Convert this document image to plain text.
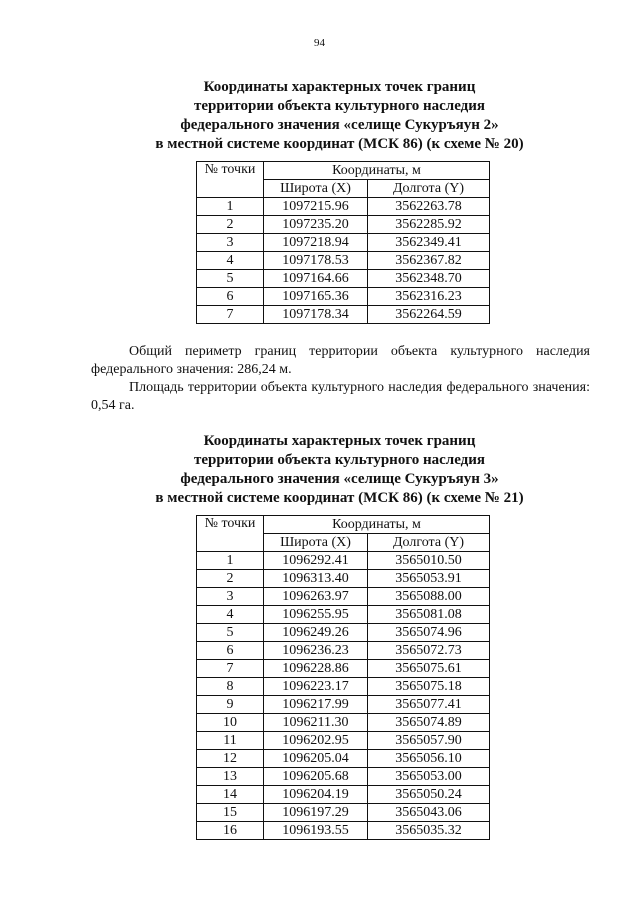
94
Координаты характерных точек границ
территории объекта культурного наследия
федерального значения «селище Сукуръяун 2»
в местной системе координат (МСК 86) (к схеме № 20)
№ точки	Координаты, м	
	Широта (X)	Долгота (Y)
1	1097215.96	3562263.78
2	1097235.20	3562285.92
3	1097218.94	3562349.41
4	1097178.53	3562367.82
5	1097164.66	3562348.70
6	1097165.36	3562316.23
7	1097178.34	3562264.59
Общий периметр границ территории объекта культурного наследия федерального значения: 286,24 м.
Площадь территории объекта культурного наследия федерального значения: 0,54 га.
Координаты характерных точек границ
территории объекта культурного наследия
федерального значения «селище Сукуръяун 3»
в местной системе координат (МСК 86) (к схеме № 21)
№ точки	Координаты, м	
	Широта (X)	Долгота (Y)
1	1096292.41	3565010.50
2	1096313.40	3565053.91
3	1096263.97	3565088.00
4	1096255.95	3565081.08
5	1096249.26	3565074.96
6	1096236.23	3565072.73
7	1096228.86	3565075.61
8	1096223.17	3565075.18
9	1096217.99	3565077.41
10	1096211.30	3565074.89
11	1096202.95	3565057.90
12	1096205.04	3565056.10
13	1096205.68	3565053.00
14	1096204.19	3565050.24
15	1096197.29	3565043.06
16	1096193.55	3565035.32
